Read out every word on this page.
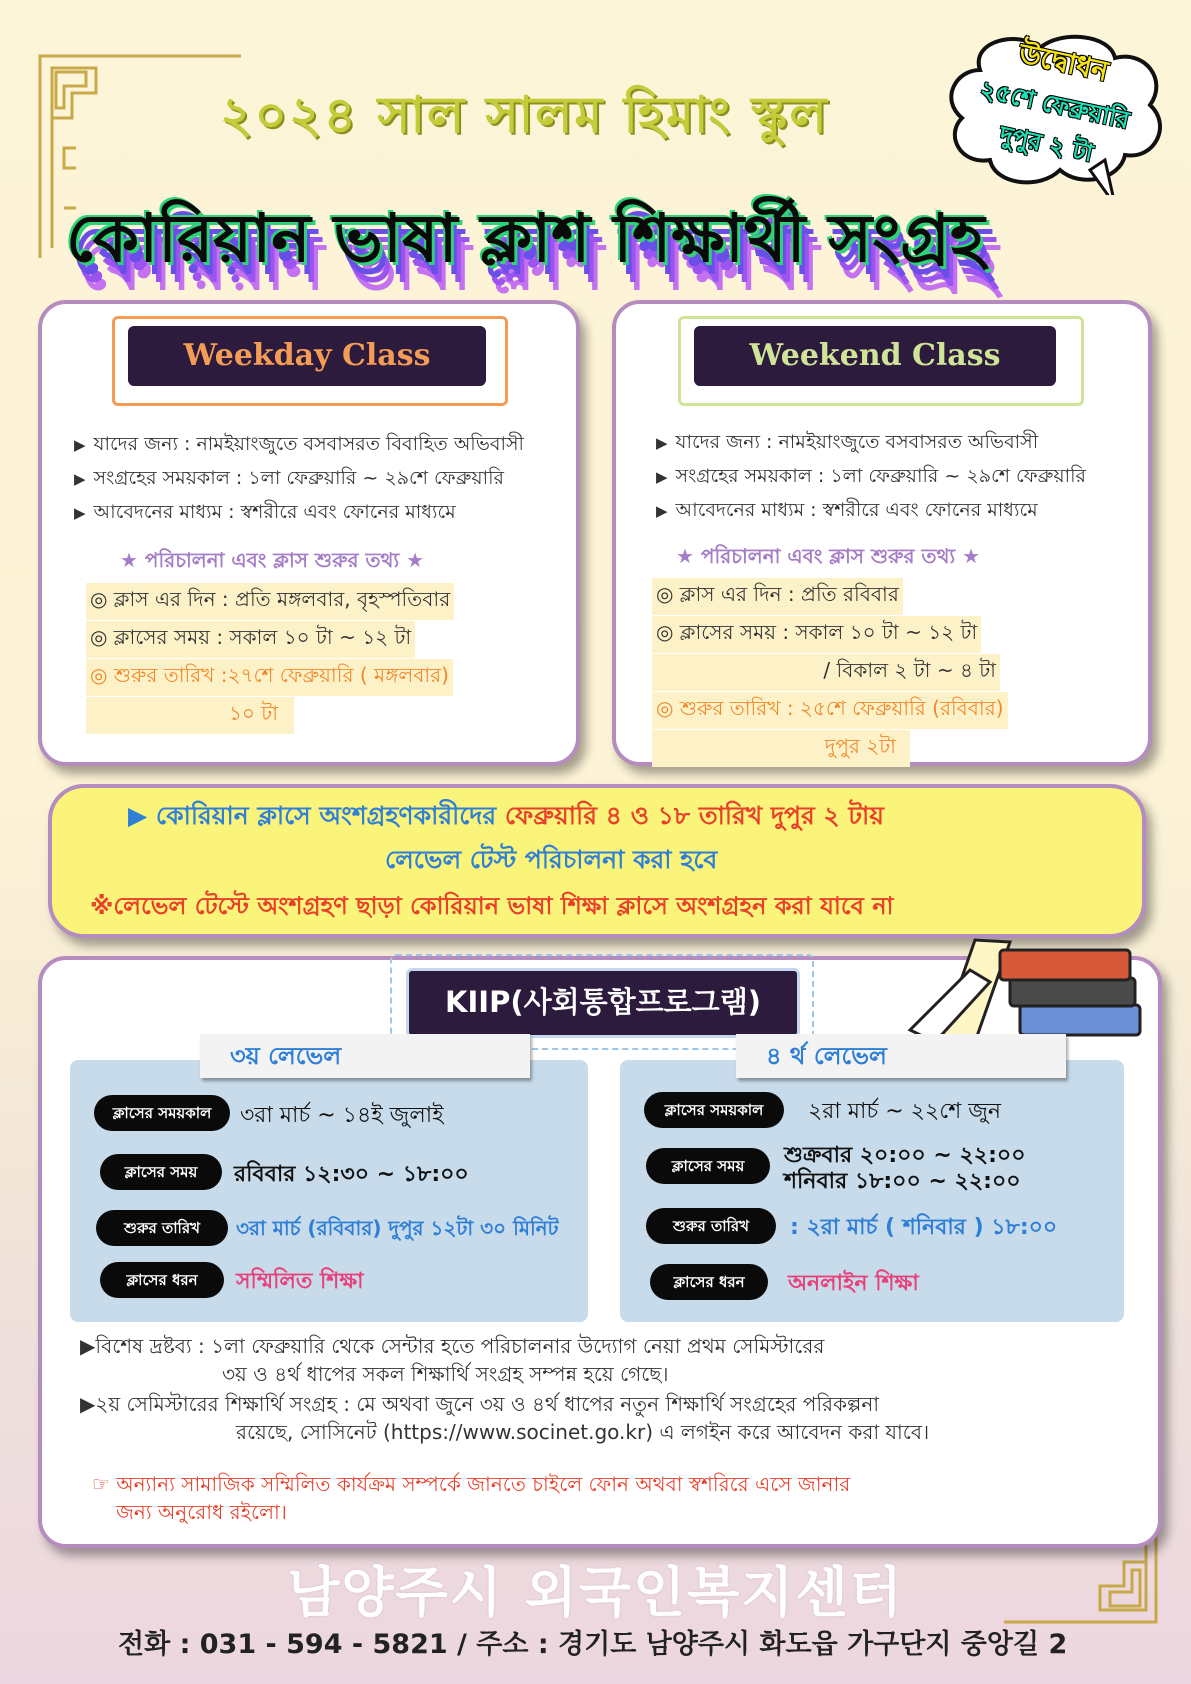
২০২৪ সাল সালম হিমাং স্কুল
কোরিয়ান ভাষা ক্লাশ শিক্ষার্থী সংগ্রহ
উদ্বোধন
২৫শে ফেব্রুয়ারি
দুপুর ২ টা
Weekday Class
▶ যাদের জন্য : নামইয়াংজুতে বসবাসরত বিবাহিত অভিবাসী
▶ সংগ্রহের সময়কাল : ১লা ফেব্রুয়ারি ~ ২৯শে ফেব্রুয়ারি
▶ আবেদনের মাধ্যম : স্বশরীরে এবং ফোনের মাধ্যমে
★ পরিচালনা এবং ক্লাস শুরুর তথ্য ★
◎ ক্লাস এর দিন : প্রতি মঙ্গলবার, বৃহস্পতিবার
◎ ক্লাসের সময় : সকাল ১০ টা ~ ১২ টা
◎ শুরুর তারিখ :২৭শে ফেব্রুয়ারি ( মঙ্গলবার)
১০ টা
Weekend Class
▶ যাদের জন্য : নামইয়াংজুতে বসবাসরত অভিবাসী
▶ সংগ্রহের সময়কাল : ১লা ফেব্রুয়ারি ~ ২৯শে ফেব্রুয়ারি
▶ আবেদনের মাধ্যম : স্বশরীরে এবং ফোনের মাধ্যমে
★ পরিচালনা এবং ক্লাস শুরুর তথ্য ★
◎ ক্লাস এর দিন : প্রতি রবিবার
◎ ক্লাসের সময় : সকাল ১০ টা ~ ১২ টা
/ বিকাল ২ টা ~ ৪ টা
◎ শুরুর তারিখ : ২৫শে ফেব্রুয়ারি (রবিবার)
দুপুর ২টা
▶ কোরিয়ান ক্লাসে অংশগ্রহণকারীদের ফেব্রুয়ারি ৪ ও ১৮ তারিখ দুপুর ২ টায়
লেভেল টেস্ট পরিচালনা করা হবে
※লেভেল টেস্টে অংশগ্রহণ ছাড়া কোরিয়ান ভাষা শিক্ষা ক্লাসে অংশগ্রহন করা যাবে না
KIIP(사회통합프로그램)
৩য় লেভেল
ক্লাসের সময়কাল	৩রা মার্চ ~ ১৪ই জুলাই
ক্লাসের সময়	রবিবার ১২:৩০ ~ ১৮:০০
শুরুর তারিখ	৩রা মার্চ (রবিবার) দুপুর ১২টা ৩০ মিনিট
ক্লাসের ধরন	সম্মিলিত শিক্ষা
৪ র্থ লেভেল
ক্লাসের সময়কাল	২রা মার্চ ~ ২২শে জুন
ক্লাসের সময়	শুক্রবার ২০:০০ ~ ২২:০০
শনিবার ১৮:০০ ~ ২২:০০
শুরুর তারিখ	: ২রা মার্চ ( শনিবার ) ১৮:০০
ক্লাসের ধরন	অনলাইন শিক্ষা
▶বিশেষ দ্রষ্টব্য : ১লা ফেব্রুয়ারি থেকে সেন্টার হতে পরিচালনার উদ্যোগ নেয়া প্রথম সেমিস্টারের
৩য় ও ৪র্থ ধাপের সকল শিক্ষার্থি সংগ্রহ সম্পন্ন হয়ে গেছে।
▶২য় সেমিস্টারের শিক্ষার্থি সংগ্রহ : মে অথবা জুনে ৩য় ও ৪র্থ ধাপের নতুন শিক্ষার্থি সংগ্রহের পরিকল্পনা
রয়েছে, সোসিনেট (https://www.socinet.go.kr) এ লগইন করে আবেদন করা যাবে।
☞ অন্যান্য সামাজিক সম্মিলিত কার্যক্রম সম্পর্কে জানতে চাইলে ফোন অথবা স্বশরিরে এসে জানার
জন্য অনুরোধ রইলো।
남양주시 외국인복지센터
전화 : 031 - 594 - 5821 / 주소 : 경기도 남양주시 화도읍 가구단지 중앙길 2
